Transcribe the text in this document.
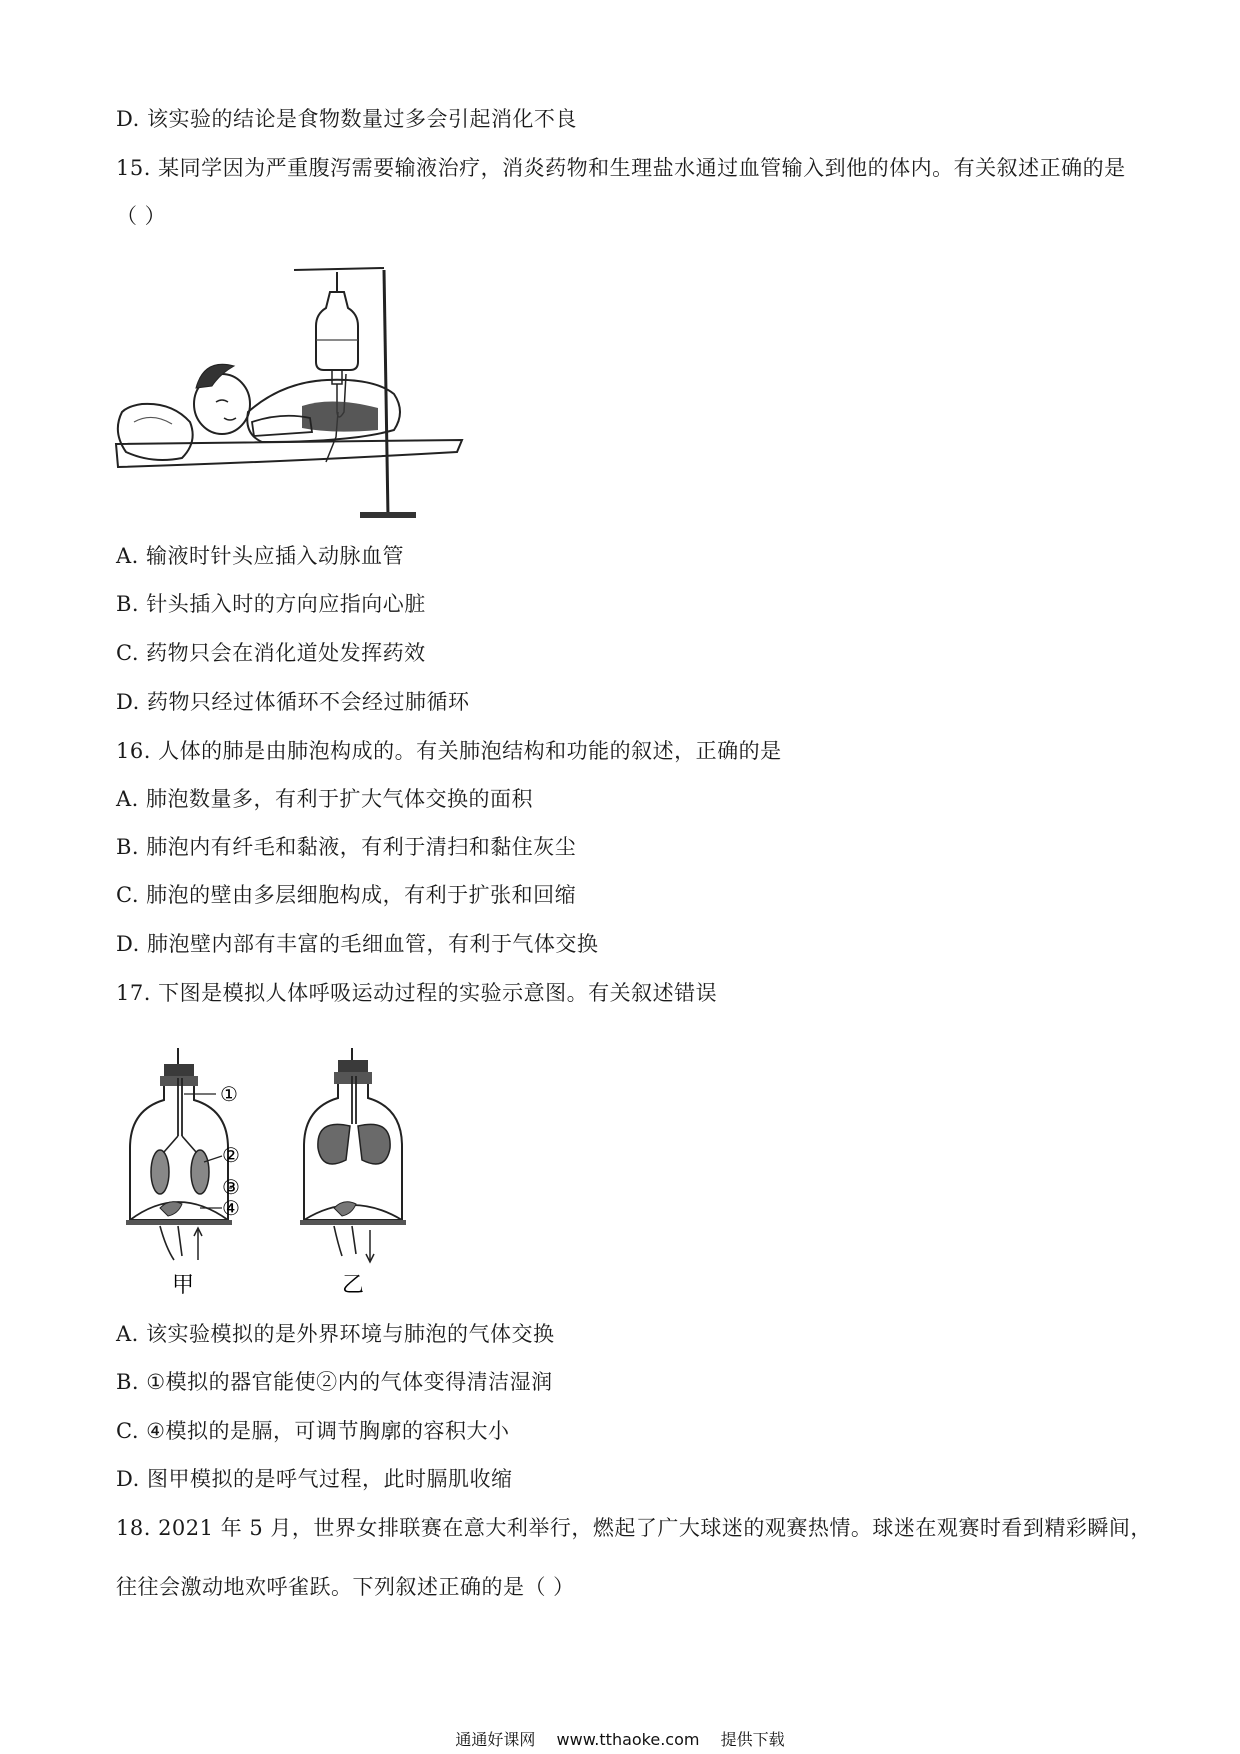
D. 该实验的结论是食物数量过多会引起消化不良
15. 某同学因为严重腹泻需要输液治疗，消炎药物和生理盐水通过血管输入到他的体内。有关叙述正确的是
（ ）
A. 输液时针头应插入动脉血管
B. 针头插入时的方向应指向心脏
C. 药物只会在消化道处发挥药效
D. 药物只经过体循环不会经过肺循环
16. 人体的肺是由肺泡构成的。有关肺泡结构和功能的叙述，正确的是
A. 肺泡数量多，有利于扩大气体交换的面积
B. 肺泡内有纤毛和黏液，有利于清扫和黏住灰尘
C. 肺泡的壁由多层细胞构成，有利于扩张和回缩
D. 肺泡壁内部有丰富的毛细血管，有利于气体交换
17. 下图是模拟人体呼吸运动过程的实验示意图。有关叙述错误
①
②
③
④
甲	乙
A. 该实验模拟的是外界环境与肺泡的气体交换
B. ①模拟的器官能使②内的气体变得清洁湿润
C. ④模拟的是膈，可调节胸廓的容积大小
D. 图甲模拟的是呼气过程，此时膈肌收缩
18. 2021 年 5 月，世界女排联赛在意大利举行，燃起了广大球迷的观赛热情。球迷在观赛时看到精彩瞬间，
往往会激动地欢呼雀跃。下列叙述正确的是（ ）
通通好课网 www.tthaoke.com 提供下载
